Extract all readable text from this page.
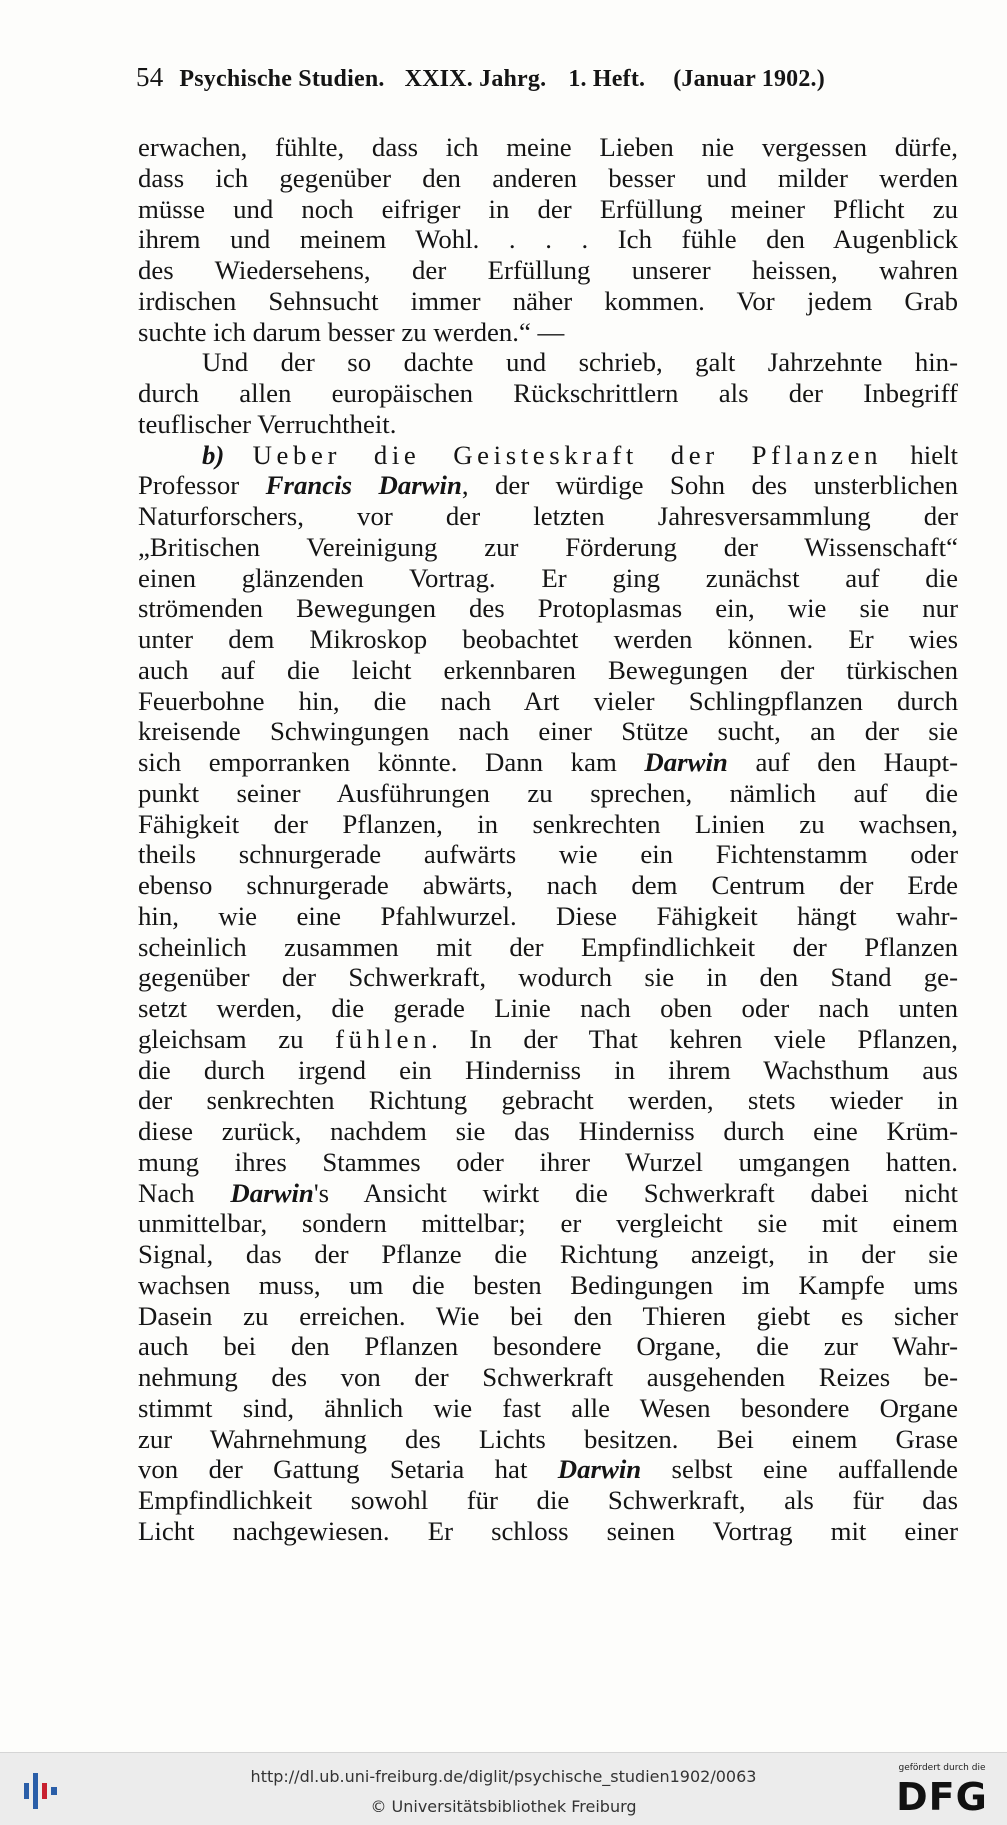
54 Psychische Studien. XXIX. Jahrg. 1. Heft. (Januar 1902.)
erwachen, fühlte, dass ich meine Lieben nie vergessen dürfe,
dass ich gegenüber den anderen besser und milder werden
müsse und noch eifriger in der Erfüllung meiner Pflicht zu
ihrem und meinem Wohl. . . . Ich fühle den Augenblick
des Wiedersehens, der Erfüllung unserer heissen, wahren
irdischen Sehnsucht immer näher kommen. Vor jedem Grab
suchte ich darum besser zu werden.“ —
Und der so dachte und schrieb, galt Jahrzehnte hin-
durch allen europäischen Rückschrittlern als der Inbegriff
teuflischer Verruchtheit.
b) Ueber die Geisteskraft der Pflanzen hielt
Professor Francis Darwin, der würdige Sohn des unsterblichen
Naturforschers, vor der letzten Jahresversammlung der
„Britischen Vereinigung zur Förderung der Wissenschaft“
einen glänzenden Vortrag. Er ging zunächst auf die
strömenden Bewegungen des Protoplasmas ein, wie sie nur
unter dem Mikroskop beobachtet werden können. Er wies
auch auf die leicht erkennbaren Bewegungen der türkischen
Feuerbohne hin, die nach Art vieler Schlingpflanzen durch
kreisende Schwingungen nach einer Stütze sucht, an der sie
sich emporranken könnte. Dann kam Darwin auf den Haupt-
punkt seiner Ausführungen zu sprechen, nämlich auf die
Fähigkeit der Pflanzen, in senkrechten Linien zu wachsen,
theils schnurgerade aufwärts wie ein Fichtenstamm oder
ebenso schnurgerade abwärts, nach dem Centrum der Erde
hin, wie eine Pfahlwurzel. Diese Fähigkeit hängt wahr-
scheinlich zusammen mit der Empfindlichkeit der Pflanzen
gegenüber der Schwerkraft, wodurch sie in den Stand ge-
setzt werden, die gerade Linie nach oben oder nach unten
gleichsam zu fühlen. In der That kehren viele Pflanzen,
die durch irgend ein Hinderniss in ihrem Wachsthum aus
der senkrechten Richtung gebracht werden, stets wieder in
diese zurück, nachdem sie das Hinderniss durch eine Krüm-
mung ihres Stammes oder ihrer Wurzel umgangen hatten.
Nach Darwin's Ansicht wirkt die Schwerkraft dabei nicht
unmittelbar, sondern mittelbar; er vergleicht sie mit einem
Signal, das der Pflanze die Richtung anzeigt, in der sie
wachsen muss, um die besten Bedingungen im Kampfe ums
Dasein zu erreichen. Wie bei den Thieren giebt es sicher
auch bei den Pflanzen besondere Organe, die zur Wahr-
nehmung des von der Schwerkraft ausgehenden Reizes be-
stimmt sind, ähnlich wie fast alle Wesen besondere Organe
zur Wahrnehmung des Lichts besitzen. Bei einem Grase
von der Gattung Setaria hat Darwin selbst eine auffallende
Empfindlichkeit sowohl für die Schwerkraft, als für das
Licht nachgewiesen. Er schloss seinen Vortrag mit einer
http://dl.ub.uni-freiburg.de/diglit/psychische_studien1902/0063
© Universitätsbibliothek Freiburg
gefördert durch die
DFG
